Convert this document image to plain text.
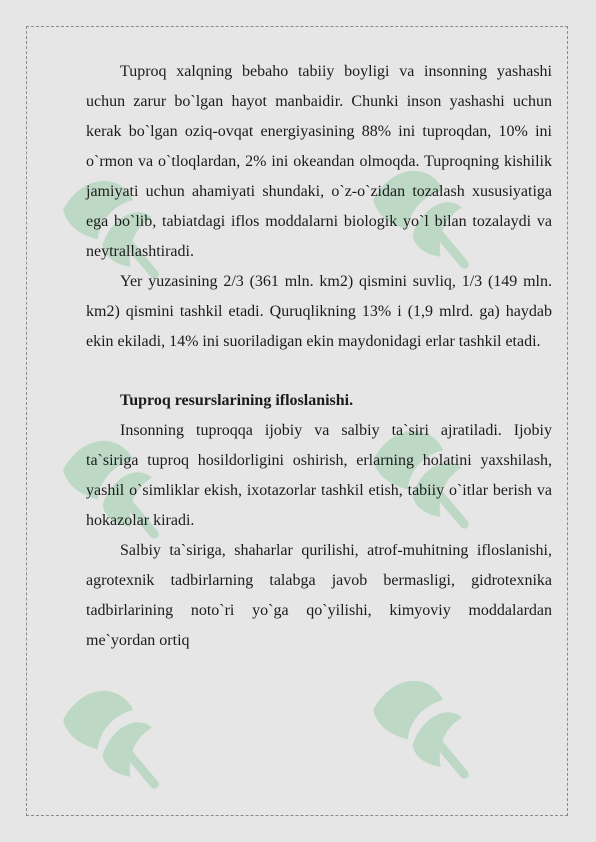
Tuproq xalqning bebaho tabiiy boyligi va insonning yashashi uchun zarur bo`lgan hayot manbaidir. Chunki inson yashashi uchun kerak bo`lgan oziq-ovqat energiyasining 88% ini tuproqdan, 10% ini o`rmon va o`tloqlardan, 2% ini okeandan olmoqda. Tuproqning kishilik jamiyati uchun ahamiyati shundaki, o`z-o`zidan tozalash xususiyatiga ega bo`lib, tabiatdagi iflos moddalarni biologik yo`l bilan tozalaydi va neytrallashtiradi.

Yer yuzasining 2/3 (361 mln. km2) qismini suvliq, 1/3 (149 mln. km2) qismini tashkil etadi. Quruqlikning 13% i (1,9 mlrd. ga) haydab ekin ekiladi, 14% ini suoriladigan ekin maydonidagi erlar tashkil etadi.

Tuproq resurslarining ifloslanishi.

Insonning tuproqqa ijobiy va salbiy ta`siri ajratiladi. Ijobiy ta`siriga tuproq hosildorligini oshirish, erlarning holatini yaxshilash, yashil o`simliklar ekish, ixotazorlar tashkil etish, tabiiy o`itlar berish va hokazolar kiradi.

Salbiy ta`siriga, shaharlar qurilishi, atrof-muhitning ifloslanishi, agrotexnik tadbirlarning talabga javob bermasligi, gidrotexnika tadbirlarining noto`ri yo`ga qo`yilishi, kimyoviy moddalardan me`yordan ortiq
